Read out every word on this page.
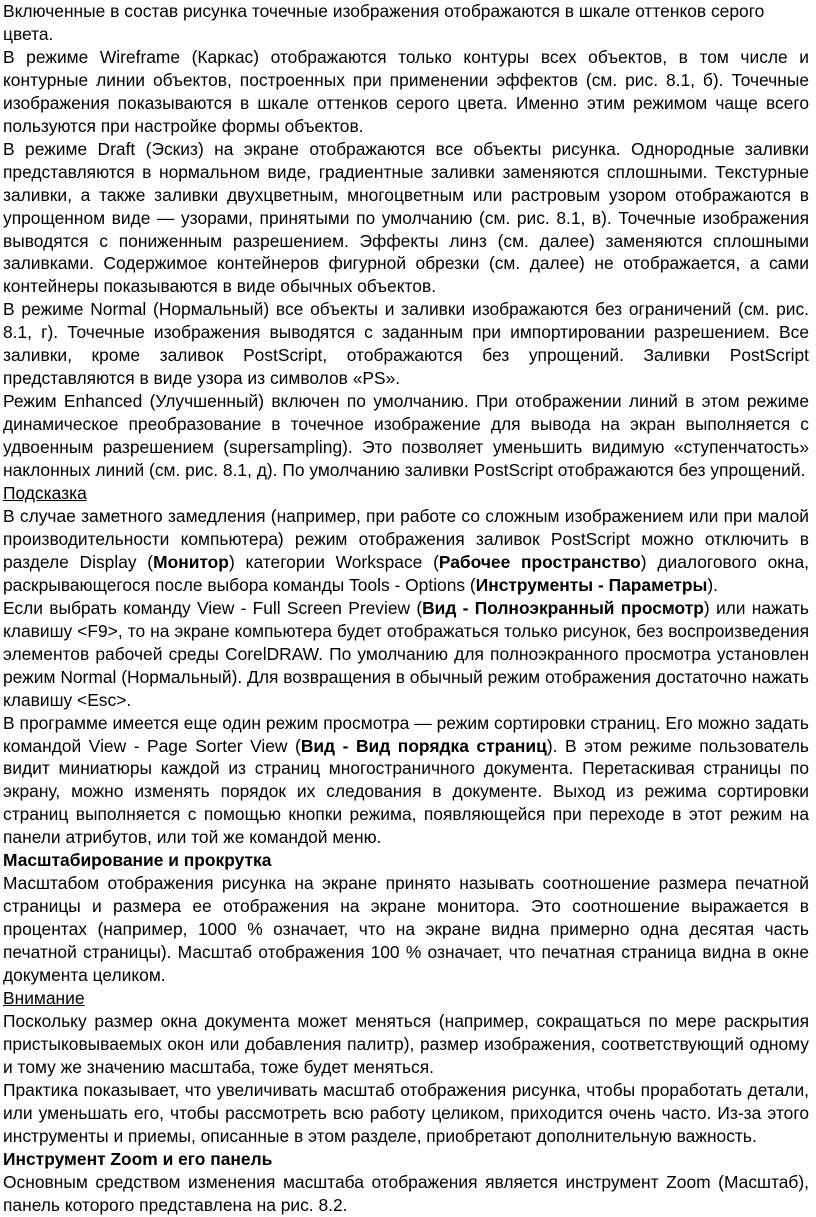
Включенные в состав рисунка точечные изображения отображаются в шкале оттенков серого цвета.
В режиме Wireframe (Каркас) отображаются только контуры всех объектов, в том числе и контурные линии объектов, построенных при применении эффектов (см. рис. 8.1, б). Точечные изображения показываются в шкале оттенков серого цвета. Именно этим режимом чаще всего пользуются при настройке формы объектов.
В режиме Draft (Эскиз) на экране отображаются все объекты рисунка. Однородные заливки представляются в нормальном виде, градиентные заливки заменяются сплошными. Текстурные заливки, а также заливки двухцветным, многоцветным или растровым узором отображаются в упрощенном виде — узорами, принятыми по умолчанию (см. рис. 8.1, в). Точечные изображения выводятся с пониженным разрешением. Эффекты линз (см. далее) заменяются сплошными заливками. Содержимое контейнеров фигурной обрезки (см. далее) не отображается, а сами контейнеры показываются в виде обычных объектов.
В режиме Normal (Нормальный) все объекты и заливки изображаются без ограничений (см. рис. 8.1, г). Точечные изображения выводятся с заданным при импортировании разрешением. Все заливки, кроме заливок PostScript, отображаются без упрощений. Заливки PostScript представляются в виде узора из символов «PS».
Режим Enhanced (Улучшенный) включен по умолчанию. При отображении линий в этом режиме динамическое преобразование в точечное изображение для вывода на экран выполняется с удвоенным разрешением (supersampling). Это позволяет уменьшить видимую «ступенчатость» наклонных линий (см. рис. 8.1, д). По умолчанию заливки PostScript отображаются без упрощений.
Подсказка
В случае заметного замедления (например, при работе со сложным изображением или при малой производительности компьютера) режим отображения заливок PostScript можно отключить в разделе Display (Монитор) категории Workspace (Рабочее пространство) диалогового окна, раскрывающегося после выбора команды Tools - Options (Инструменты - Параметры).
Если выбрать команду View - Full Screen Preview (Вид - Полноэкранный просмотр) или нажать клавишу <F9>, то на экране компьютера будет отображаться только рисунок, без воспроизведения элементов рабочей среды CorelDRAW. По умолчанию для полноэкранного просмотра установлен режим Normal (Нормальный). Для возвращения в обычный режим отображения достаточно нажать клавишу <Esc>.
В программе имеется еще один режим просмотра — режим сортировки страниц. Его можно задать командой View - Page Sorter View (Вид - Вид порядка страниц). В этом режиме пользователь видит миниатюры каждой из страниц многостраничного документа. Перетаскивая страницы по экрану, можно изменять порядок их следования в документе. Выход из режима сортировки страниц выполняется с помощью кнопки режима, появляющейся при переходе в этот режим на панели атрибутов, или той же командой меню.
Масштабирование и прокрутка
Масштабом отображения рисунка на экране принято называть соотношение размера печатной страницы и размера ее отображения на экране монитора. Это соотношение выражается в процентах (например, 1000 % означает, что на экране видна примерно одна десятая часть печатной страницы). Масштаб отображения 100 % означает, что печатная страница видна в окне документа целиком.
Внимание
Поскольку размер окна документа может меняться (например, сокращаться по мере раскрытия пристыковываемых окон или добавления палитр), размер изображения, соответствующий одному и тому же значению масштаба, тоже будет меняться.
Практика показывает, что увеличивать масштаб отображения рисунка, чтобы проработать детали, или уменьшать его, чтобы рассмотреть всю работу целиком, приходится очень часто. Из-за этого инструменты и приемы, описанные в этом разделе, приобретают дополнительную важность.
Инструмент Zoom и его панель
Основным средством изменения масштаба отображения является инструмент Zoom (Масштаб), панель которого представлена на рис. 8.2.
